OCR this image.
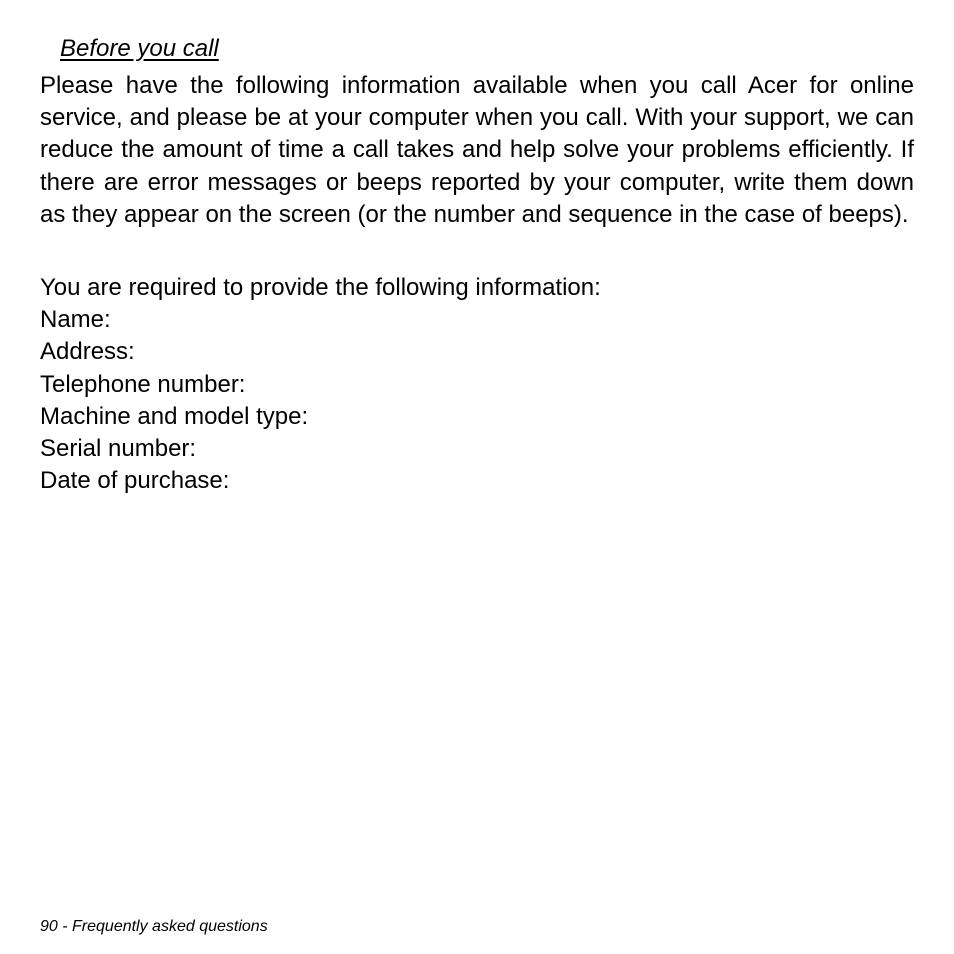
Before you call

Please have the following information available when you call Acer for online service, and please be at your computer when you call. With your support, we can reduce the amount of time a call takes and help solve your problems efficiently. If there are error messages or beeps reported by your computer, write them down as they appear on the screen (or the number and sequence in the case of beeps).

You are required to provide the following information:
Name:
Address:
Telephone number:
Machine and model type:
Serial number:
Date of purchase:
90 - Frequently asked questions
